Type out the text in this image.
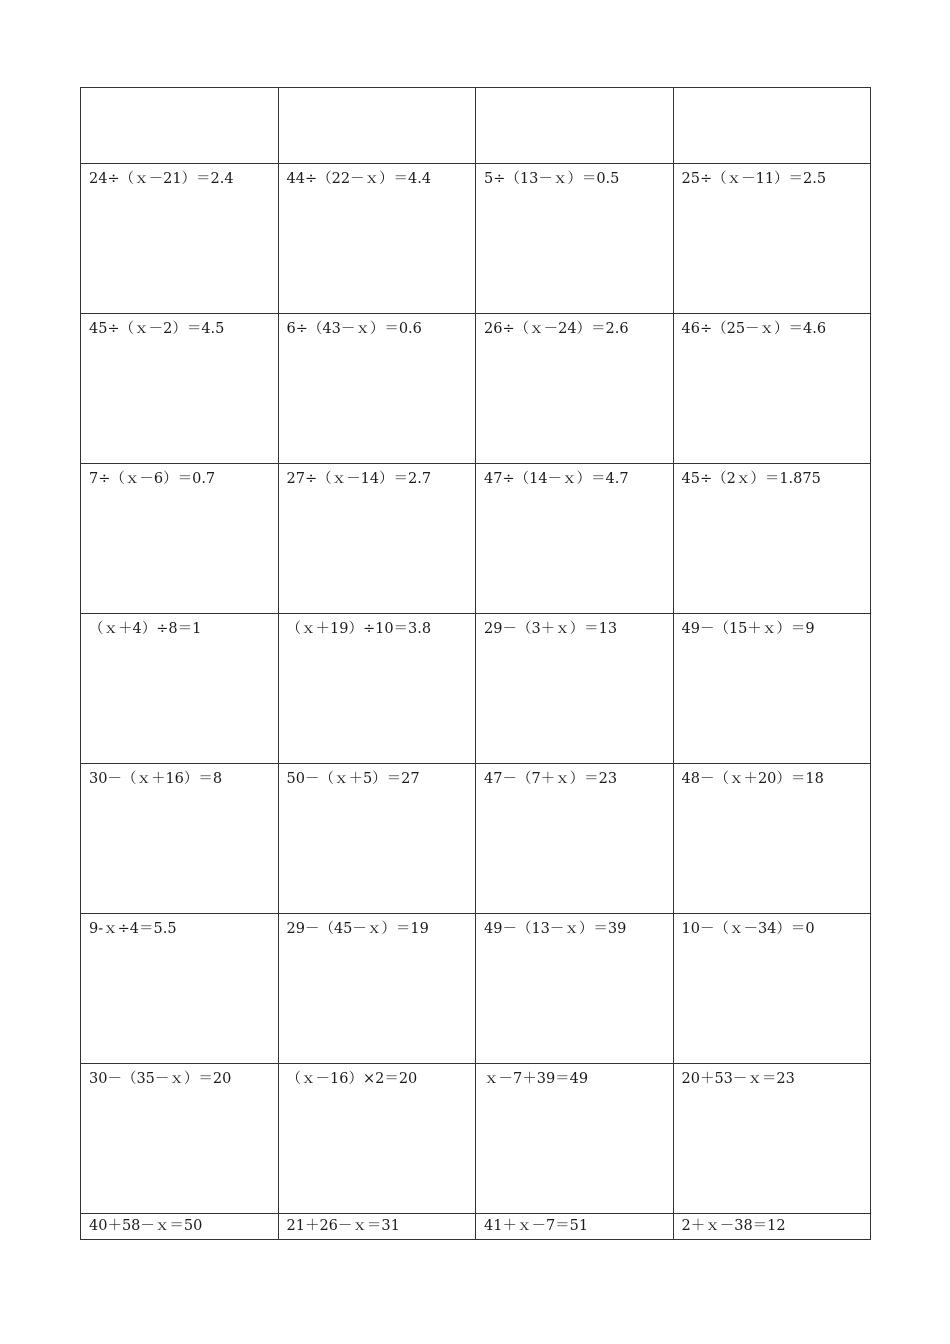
24÷（ｘ－21）＝2.4	44÷（22－ｘ）＝4.4	5÷（13－ｘ）＝0.5	25÷（ｘ－11）＝2.5
45÷（ｘ－2）＝4.5	6÷（43－ｘ）＝0.6	26÷（ｘ－24）＝2.6	46÷（25－ｘ）＝4.6
7÷（ｘ－6）＝0.7	27÷（ｘ－14）＝2.7	47÷（14－ｘ）＝4.7	45÷（2ｘ）＝1.875
（ｘ＋4）÷8＝1	（ｘ＋19）÷10＝3.8	29－（3＋ｘ）＝13	49－（15＋ｘ）＝9
30－（ｘ＋16）＝8	50－（ｘ＋5）＝27	47－（7＋ｘ）＝23	48－（ｘ＋20）＝18
9-ｘ÷4＝5.5	29－（45－ｘ）＝19	49－（13－ｘ）＝39	10－（ｘ－34）＝0
30－（35－ｘ）＝20	（ｘ－16）×2＝20	ｘ－7＋39＝49	20＋53－ｘ＝23
40＋58－ｘ＝50	21＋26－ｘ＝31	41＋ｘ－7＝51	2＋ｘ－38＝12
